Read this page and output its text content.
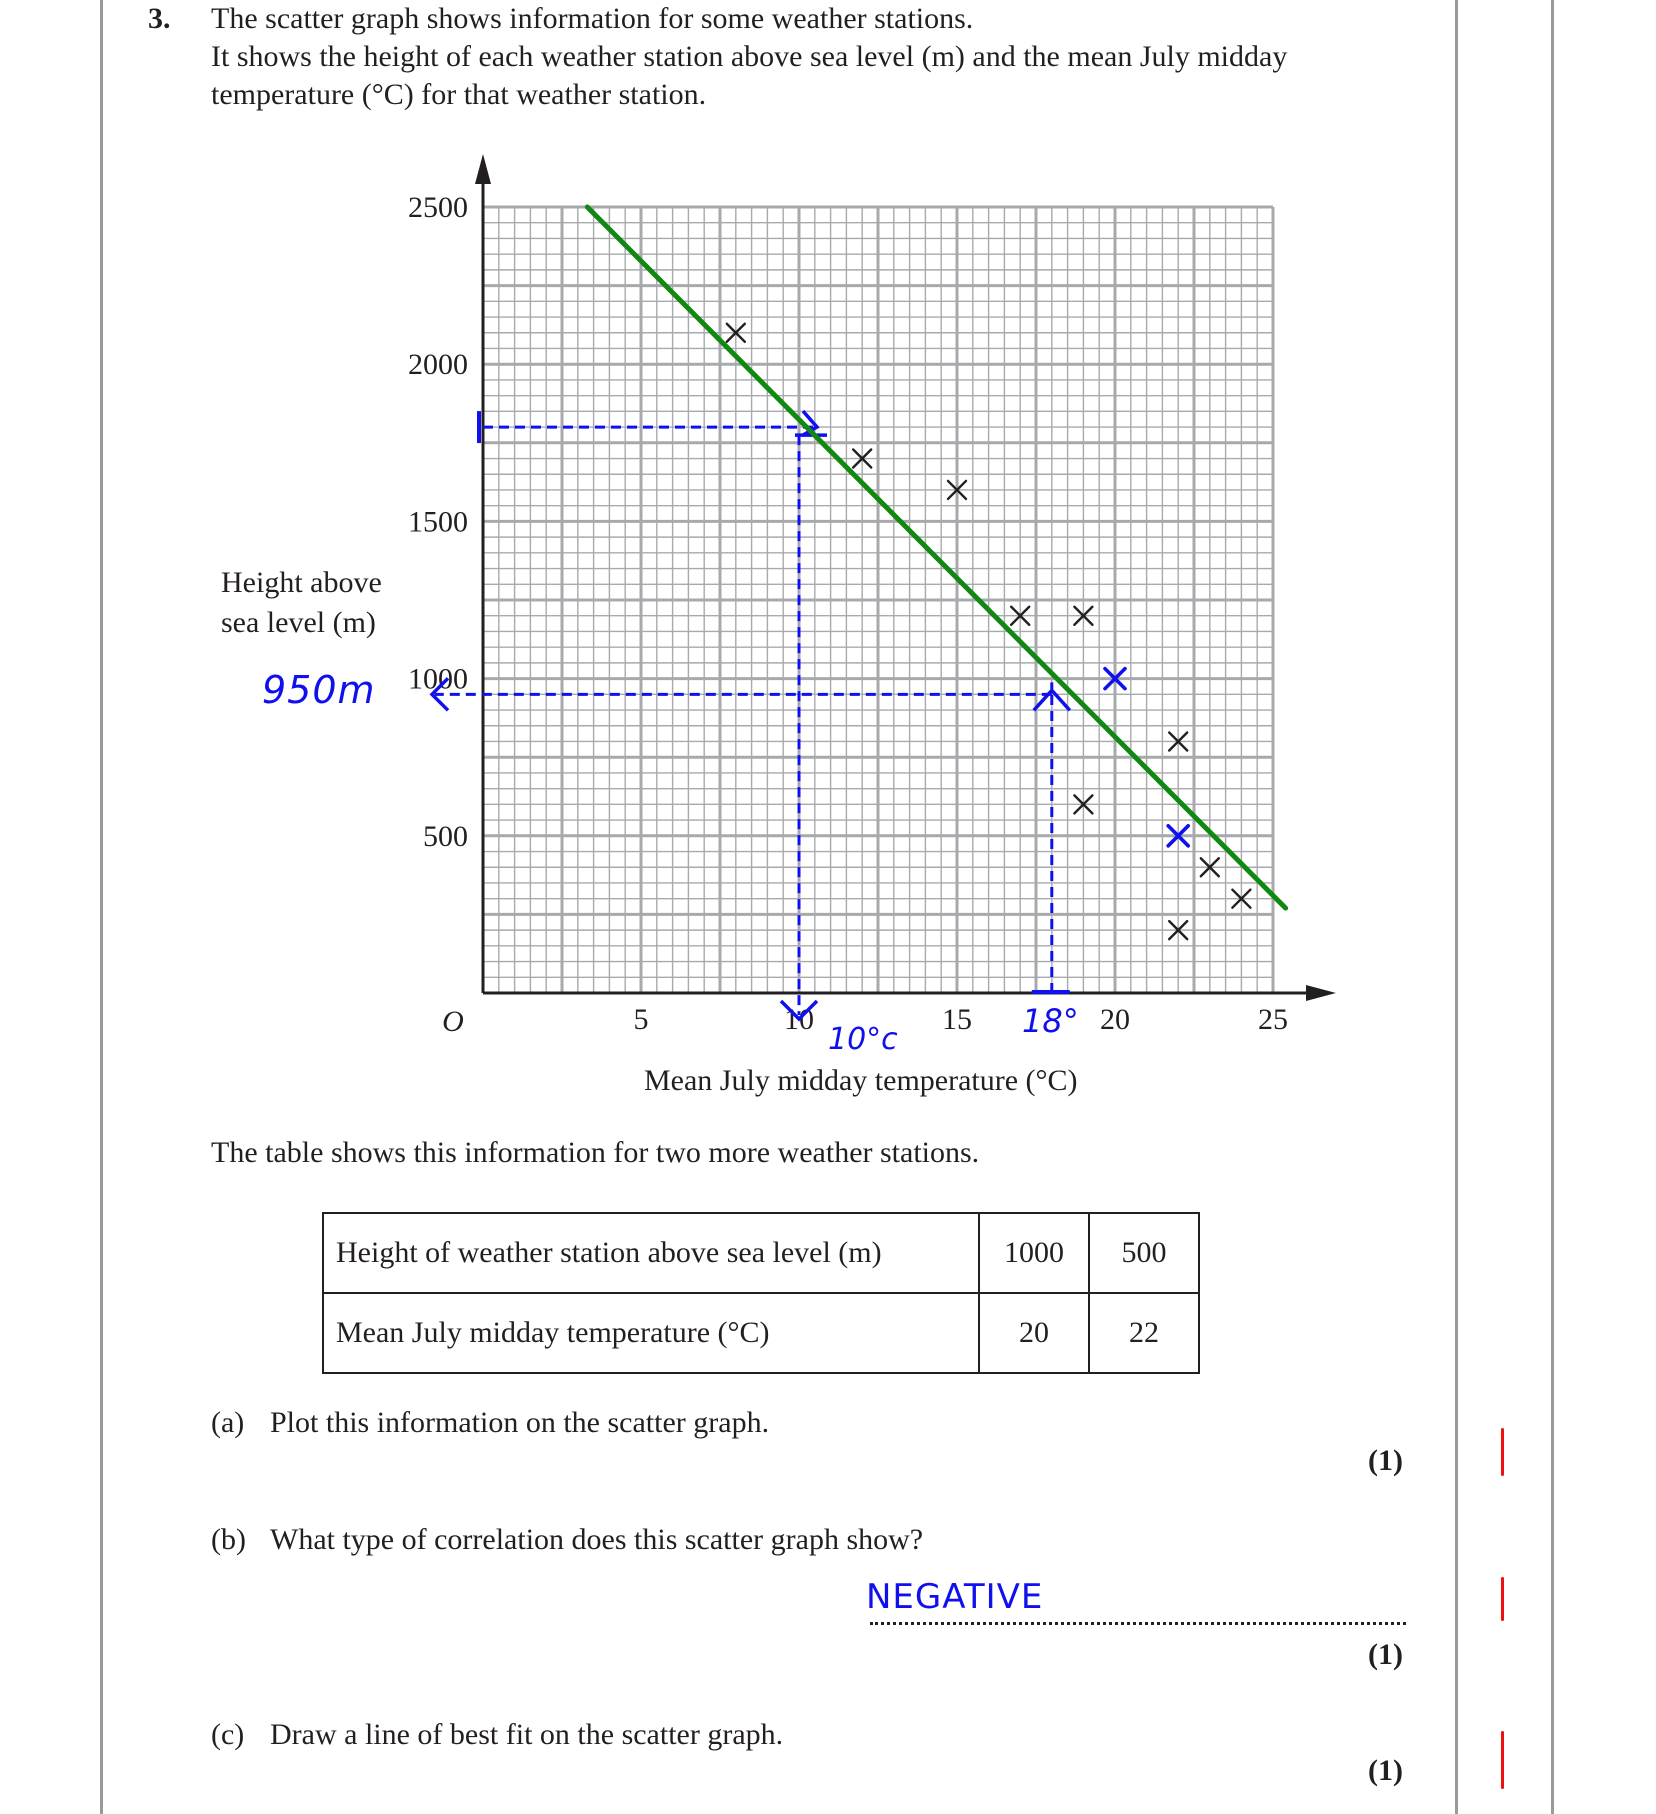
3. The scatter graph shows information for some weather stations.
It shows the height of each weather station above sea level (m) and the mean July midday
temperature (°C) for that weather station.
5	10	15	20	25
500
1000
1500
2000
2500
O
Height above
sea level (m)
Mean July midday temperature (°C)
950m
10°c	18°
The table shows this information for two more weather stations.
Height of weather station above sea level (m)	1000	500
Mean July midday temperature (°C)	20	22
(a) Plot this information on the scatter graph.
(1)
(b) What type of correlation does this scatter graph show?
NEGATIVE
(1)
(c) Draw a line of best fit on the scatter graph.
(1)
